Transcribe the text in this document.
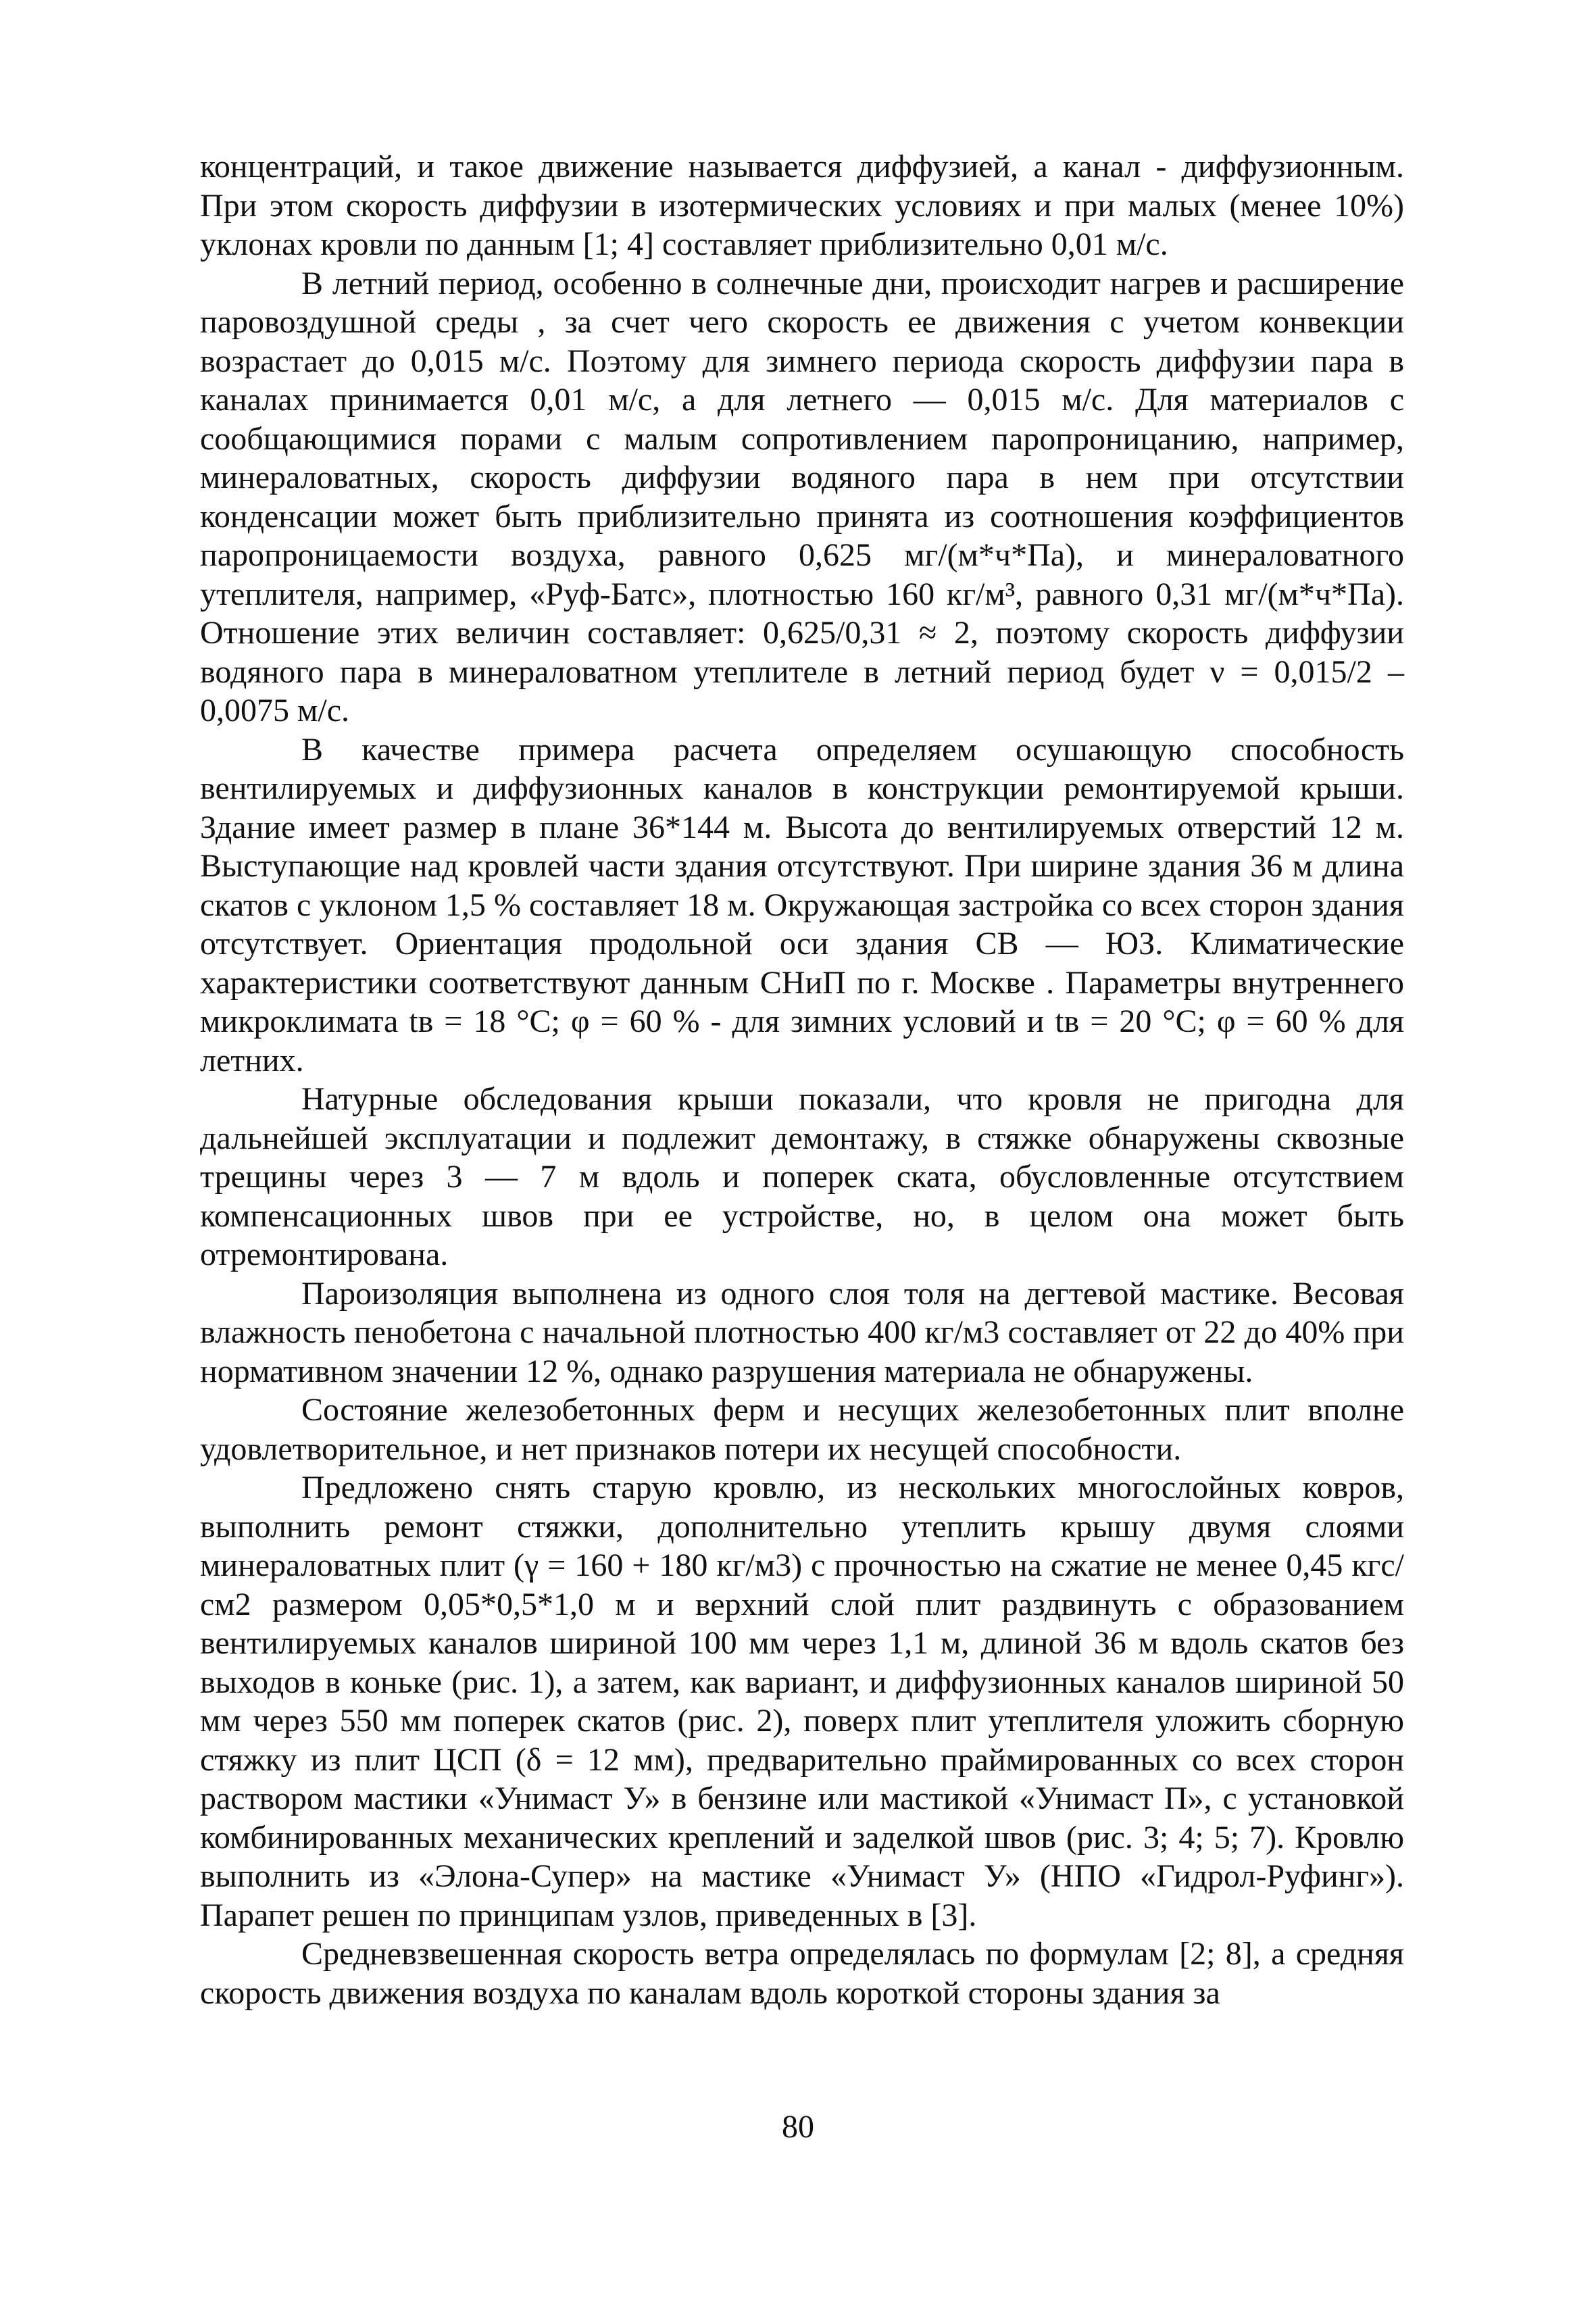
концентраций, и такое движение называется диффузией, а канал - диффузионным. При этом скорость диффузии в изотермических условиях и при малых (менее 10%) уклонах кровли по данным [1; 4] составляет приблизительно 0,01 м/с.

В летний период, особенно в солнечные дни, происходит нагрев и расширение паровоздушной среды , за счет чего скорость ее движения с учетом конвекции возрастает до 0,015 м/с. Поэтому для зимнего периода скорость диффузии пара в каналах принимается 0,01 м/с, а для летнего — 0,015 м/с. Для материалов с сообщающимися порами с малым сопротивлением паропроницанию, например, минераловатных, скорость диффузии водяного пара в нем при отсутствии конденсации может быть приблизительно принята из соотношения коэффициентов паропроницаемости воздуха, равного 0,625 мг/(м*ч*Па), и минераловатного утеплителя, например, «Руф-Батс», плотностью 160 кг/м³, равного 0,31 мг/(м*ч*Па). Отношение этих величин составляет: 0,625/0,31 ≈ 2, поэтому скорость диффузии водяного пара в минераловатном утеплителе в летний период будет ν = 0,015/2 – 0,0075 м/с.

В качестве примера расчета определяем осушающую способность вентилируемых и диффузионных каналов в конструкции ремонтируемой крыши. Здание имеет размер в плане 36*144 м. Высота до вентилируемых отверстий 12 м. Выступающие над кровлей части здания отсутствуют. При ширине здания 36 м длина скатов с уклоном 1,5 % составляет 18 м. Окружающая застройка со всех сторон здания отсутствует. Ориентация продольной оси здания СВ — ЮЗ. Климатические характеристики соответствуют данным СНиП по г. Москве . Параметры внутреннего микроклимата tв = 18 °С; φ = 60 % - для зимних условий и tв = 20 °С; φ = 60 % для летних.

Натурные обследования крыши показали, что кровля не пригодна для дальнейшей эксплуатации и подлежит демонтажу, в стяжке обнаружены сквозные трещины через 3 — 7 м вдоль и поперек ската, обусловленные отсутствием компенсационных швов при ее устройстве, но, в целом она может быть отремонтирована.

Пароизоляция выполнена из одного слоя толя на дегтевой мастике. Весовая влажность пенобетона с начальной плотностью 400 кг/м3 составляет от 22 до 40% при нормативном значении 12 %, однако разрушения материала не обнаружены.

Состояние железобетонных ферм и несущих железобетонных плит вполне удовлетворительное, и нет признаков потери их несущей способности.

Предложено снять старую кровлю, из нескольких многослойных ковров, выполнить ремонт стяжки, дополнительно утеплить крышу двумя слоями минераловатных плит (γ = 160 + 180 кг/м3) с прочностью на сжатие не менее 0,45 кгс/см2 размером 0,05*0,5*1,0 м и верхний слой плит раздвинуть с образованием вентилируемых каналов шириной 100 мм через 1,1 м, длиной 36 м вдоль скатов без выходов в коньке (рис. 1), а затем, как вариант, и диффузионных каналов шириной 50 мм через 550 мм поперек скатов (рис. 2), поверх плит утеплителя уложить сборную стяжку из плит ЦСП (δ = 12 мм), предварительно праймированных со всех сторон раствором мастики «Унимаст У» в бензине или мастикой «Унимаст П», с установкой комбинированных механических креплений и заделкой швов (рис. 3; 4; 5; 7). Кровлю выполнить из «Элона-Супер» на мастике «Унимаст У» (НПО «Гидрол-Руфинг»). Парапет решен по принципам узлов, приведенных в [3].

Средневзвешенная скорость ветра определялась по формулам [2; 8], а средняя скорость движения воздуха по каналам вдоль короткой стороны здания за

80
